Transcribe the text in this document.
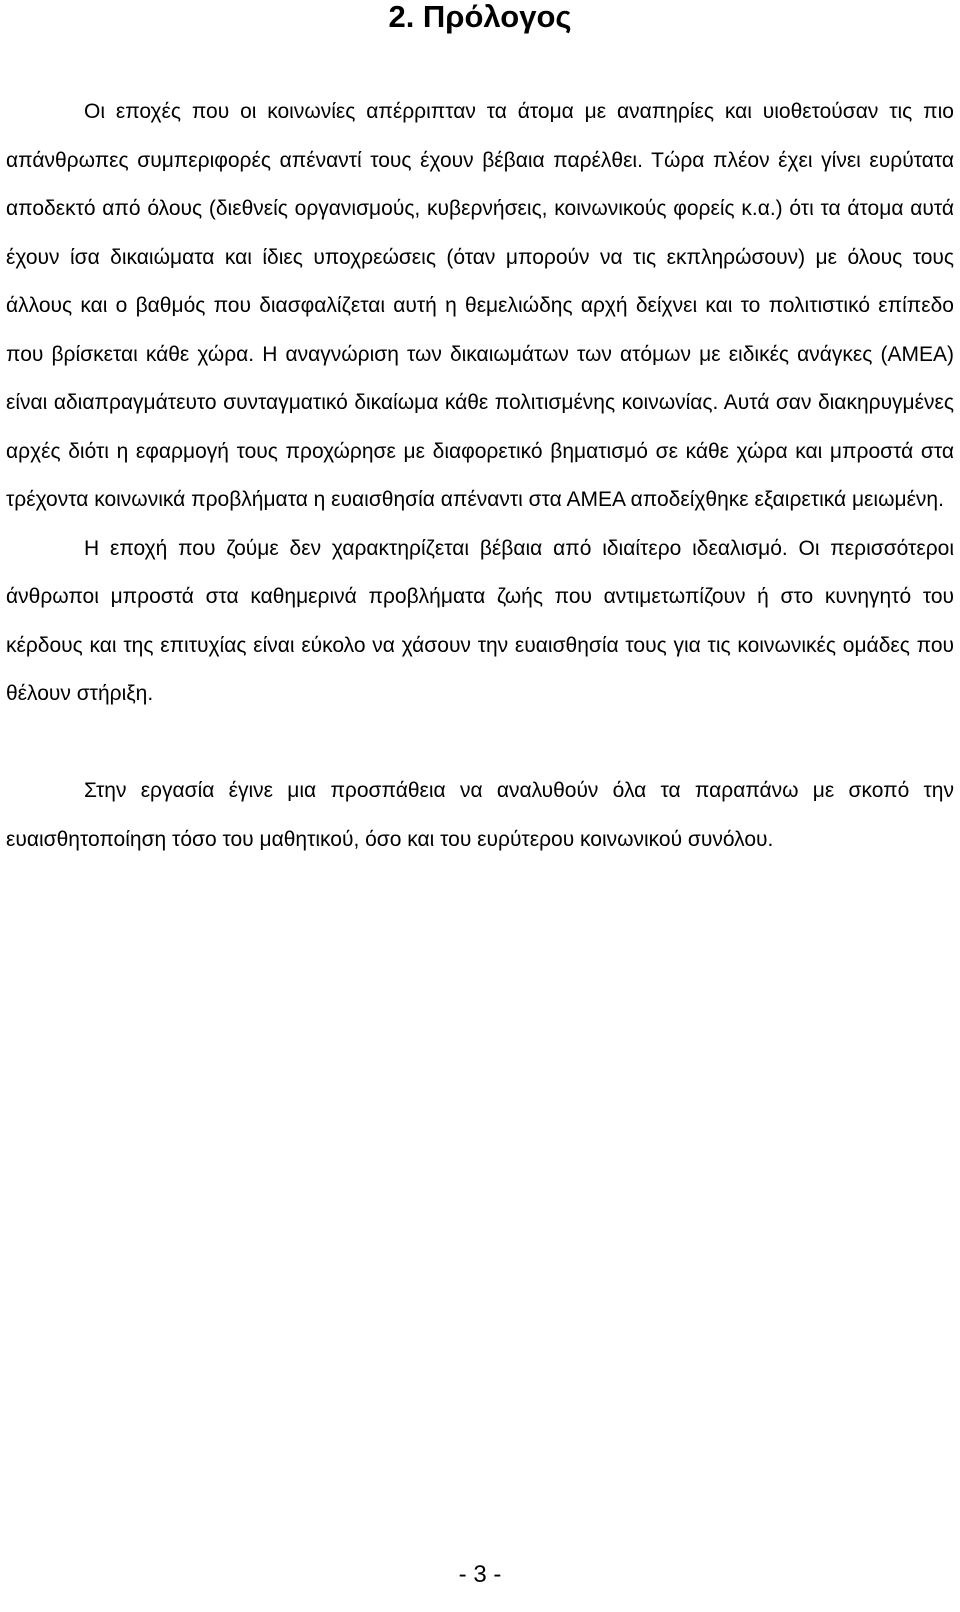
2. Πρόλογος

Οι εποχές που οι κοινωνίες απέρριπταν τα άτομα με αναπηρίες και υιοθετούσαν τις πιο απάνθρωπες συμπεριφορές απέναντί τους έχουν βέβαια παρέλθει. Τώρα πλέον έχει γίνει ευρύτατα αποδεκτό από όλους (διεθνείς οργανισμούς, κυβερνήσεις, κοινωνικούς φορείς κ.α.) ότι τα άτομα αυτά έχουν ίσα δικαιώματα και ίδιες υποχρεώσεις (όταν μπορούν να τις εκπληρώσουν) με όλους τους άλλους και ο βαθμός που διασφαλίζεται αυτή η θεμελιώδης αρχή δείχνει και το πολιτιστικό επίπεδο που βρίσκεται κάθε χώρα. Η αναγνώριση των δικαιωμάτων των ατόμων με ειδικές ανάγκες (ΑΜΕΑ) είναι αδιαπραγμάτευτο συνταγματικό δικαίωμα κάθε πολιτισμένης κοινωνίας. Αυτά σαν διακηρυγμένες αρχές διότι η εφαρμογή τους προχώρησε με διαφορετικό βηματισμό σε κάθε χώρα και μπροστά στα τρέχοντα κοινωνικά προβλήματα η ευαισθησία απέναντι στα ΑΜΕΑ αποδείχθηκε εξαιρετικά μειωμένη.

Η εποχή που ζούμε δεν χαρακτηρίζεται βέβαια από ιδιαίτερο ιδεαλισμό. Οι περισσότεροι άνθρωποι μπροστά στα καθημερινά προβλήματα ζωής που αντιμετωπίζουν ή στο κυνηγητό του κέρδους και της επιτυχίας είναι εύκολο να χάσουν την ευαισθησία τους για τις κοινωνικές ομάδες που θέλουν στήριξη.

Στην εργασία έγινε μια προσπάθεια να αναλυθούν όλα τα παραπάνω με σκοπό την ευαισθητοποίηση τόσο του μαθητικού, όσο και του ευρύτερου κοινωνικού συνόλου.

- 3 -
